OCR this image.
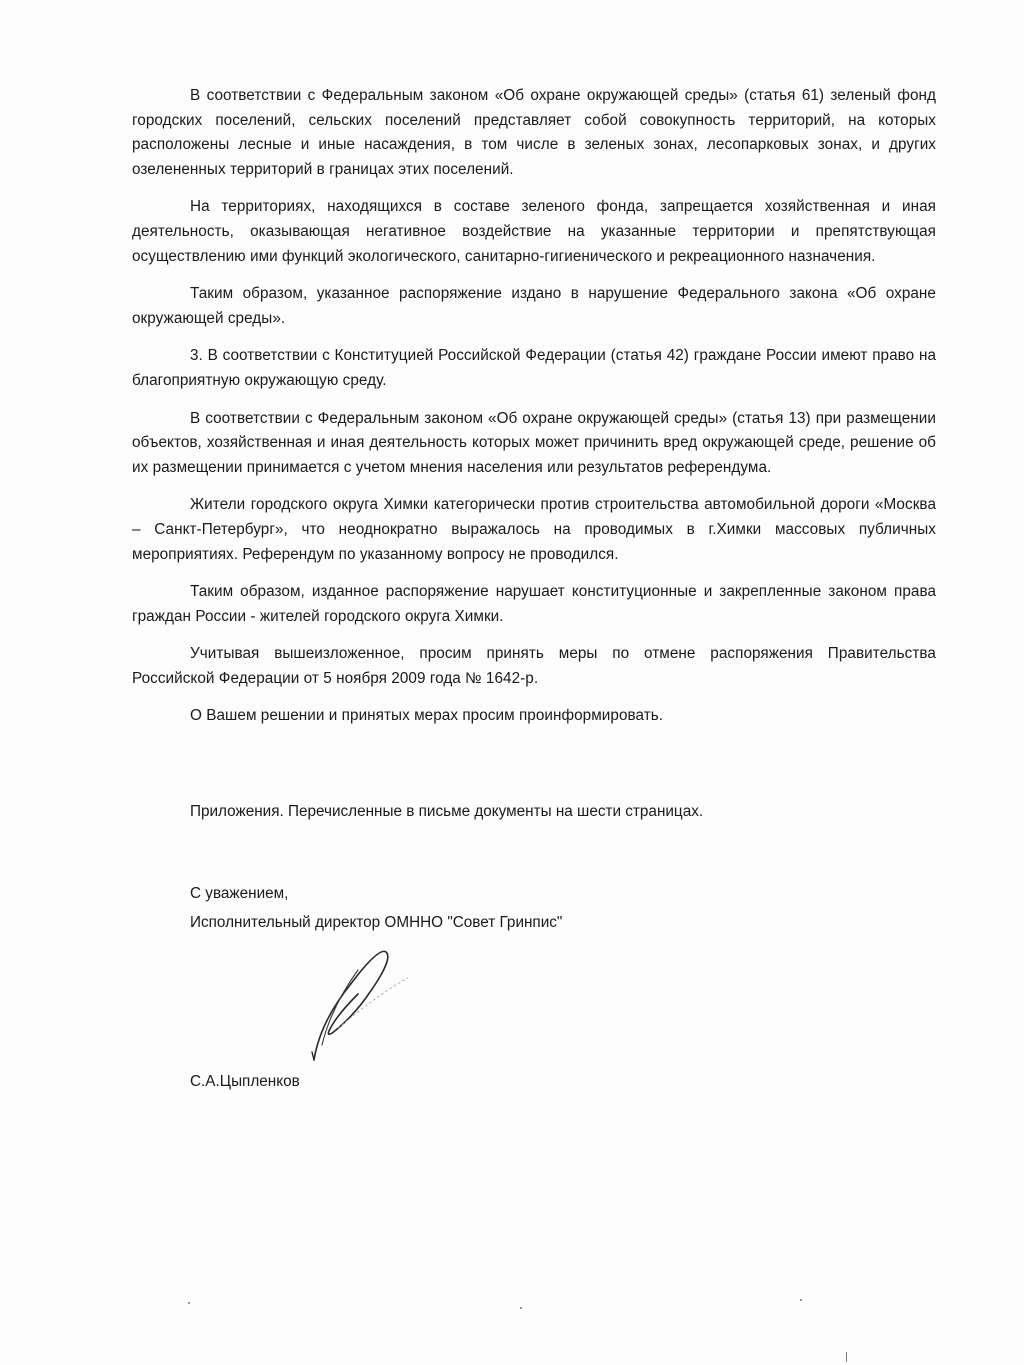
В соответствии с Федеральным законом «Об охране окружающей среды» (статья 61) зеленый фонд городских поселений, сельских поселений представляет собой совокупность территорий, на которых расположены лесные и иные насаждения, в том числе в зеленых зонах, лесопарковых зонах, и других озелененных территорий в границах этих поселений.

На территориях, находящихся в составе зеленого фонда, запрещается хозяйственная и иная деятельность, оказывающая негативное воздействие на указанные территории и препятствующая осуществлению ими функций экологического, санитарно-гигиенического и рекреационного назначения.

Таким образом, указанное распоряжение издано в нарушение Федерального закона «Об охране окружающей среды».

3. В соответствии с Конституцией Российской Федерации (статья 42) граждане России имеют право на благоприятную окружающую среду.

В соответствии с Федеральным законом «Об охране окружающей среды» (статья 13) при размещении объектов, хозяйственная и иная деятельность которых может причинить вред окружающей среде, решение об их размещении принимается с учетом мнения населения или результатов референдума.

Жители городского округа Химки категорически против строительства автомобильной дороги «Москва – Санкт-Петербург», что неоднократно выражалось на проводимых в г.Химки массовых публичных мероприятиях. Референдум по указанному вопросу не проводился.

Таким образом, изданное распоряжение нарушает конституционные и закрепленные законом права граждан России - жителей городского округа Химки.

Учитывая вышеизложенное, просим принять меры по отмене распоряжения Правительства Российской Федерации от 5 ноября 2009 года № 1642-р.

О Вашем решении и принятых мерах просим проинформировать.

Приложения. Перечисленные в письме документы на шести страницах.

С уважением,

Исполнительный директор ОМННО "Совет Гринпис"

С.А.Цыпленков
